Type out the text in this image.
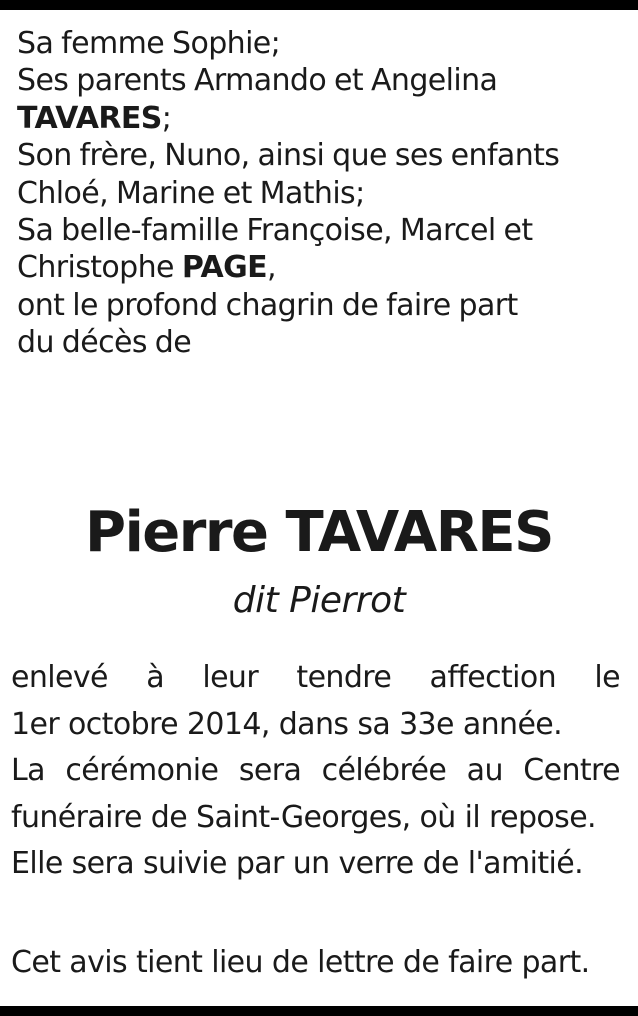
Sa femme Sophie;
Ses parents Armando et Angelina
TAVARES;
Son frère, Nuno, ainsi que ses enfants
Chloé, Marine et Mathis;
Sa belle-famille Françoise, Marcel et
Christophe PAGE,
ont le profond chagrin de faire part
du décès de
Pierre TAVARES
dit Pierrot
enlevé à leur tendre affection le
1er octobre 2014, dans sa 33e année.
La cérémonie sera célébrée au Centre
funéraire de Saint-Georges, où il repose.
Elle sera suivie par un verre de l'amitié.
Cet avis tient lieu de lettre de faire part.
